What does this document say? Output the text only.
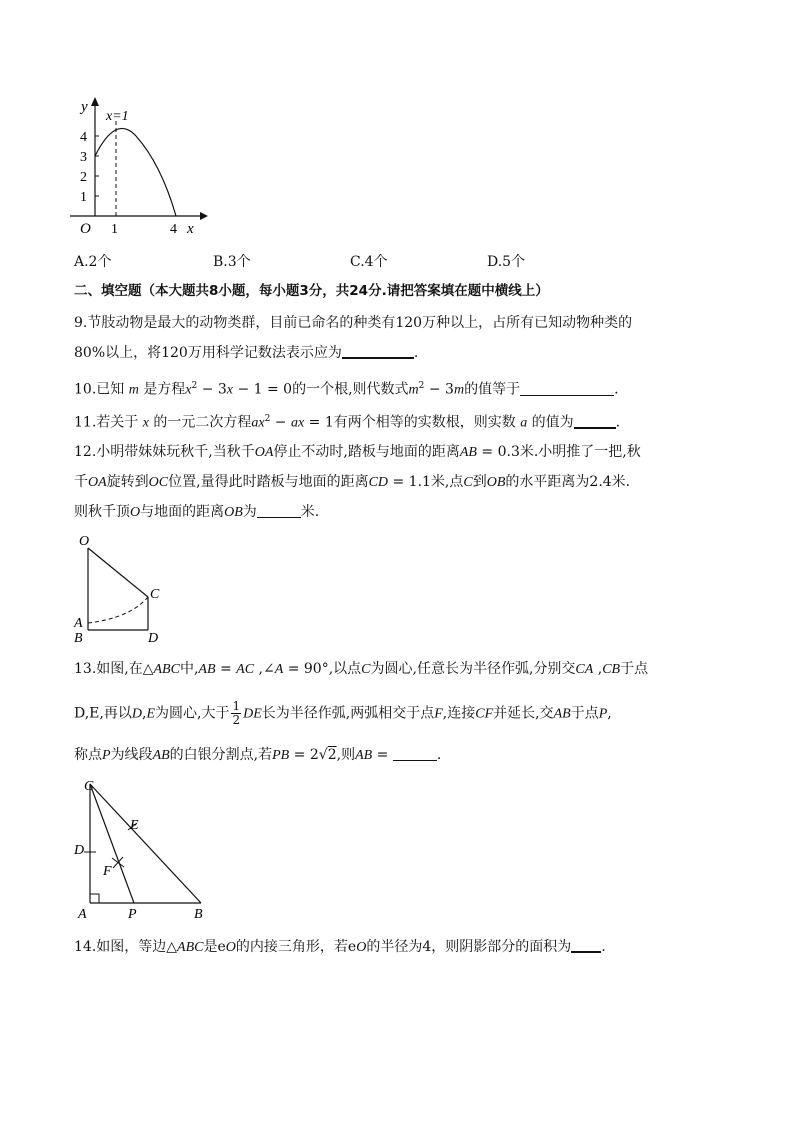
y
x=1
4
3
2
1
1	4
O	x
A.2个	B.3个	C.4个	D.5个
二、填空题（本大题共8小题，每小题3分，共24分.请把答案填在题中横线上）
9.节肢动物是最大的动物类群，目前已命名的种类有120万种以上，占所有已知动物种类的
80%以上，将120万用科学记数法表示应为	.
10.已知 m 是方程$x^2 - 3x - 1 = 0$的一个根,则代数式$m^2 - 3m$的值等于	.
11.若关于 x 的一元二次方程$ax^2$ − ax = 1有两个相等的实数根，则实数 a 的值为	.
12.小明带妹妹玩秋千,当秋千OA停止不动时,踏板与地面的距离AB = 0.3米.小明推了一把,秋
千OA旋转到OC位置,量得此时踏板与地面的距离CD = 1.1米,点C到OB的水平距离为2.4米.
则秋千顶O与地面的距离OB为	米.
O
A
B
C
D
13.如图,在△ABC中,AB = AC ,∠A = 90°,以点C为圆心,任意长为半径作弧,分别交CA ,CB于点
D,E,再以D,E为圆心,大于 $\frac{1}{2}$ DE长为半径作弧,两弧相交于点F,连接CF并延长,交AB于点P,
称点P为线段AB的白银分割点,若PB = 2√2,则AB =	.
C
E
D
F
A	P	B
14.如图，等边△ABC是eO的内接三角形，若eO的半径为4，则阴影部分的面积为 .
